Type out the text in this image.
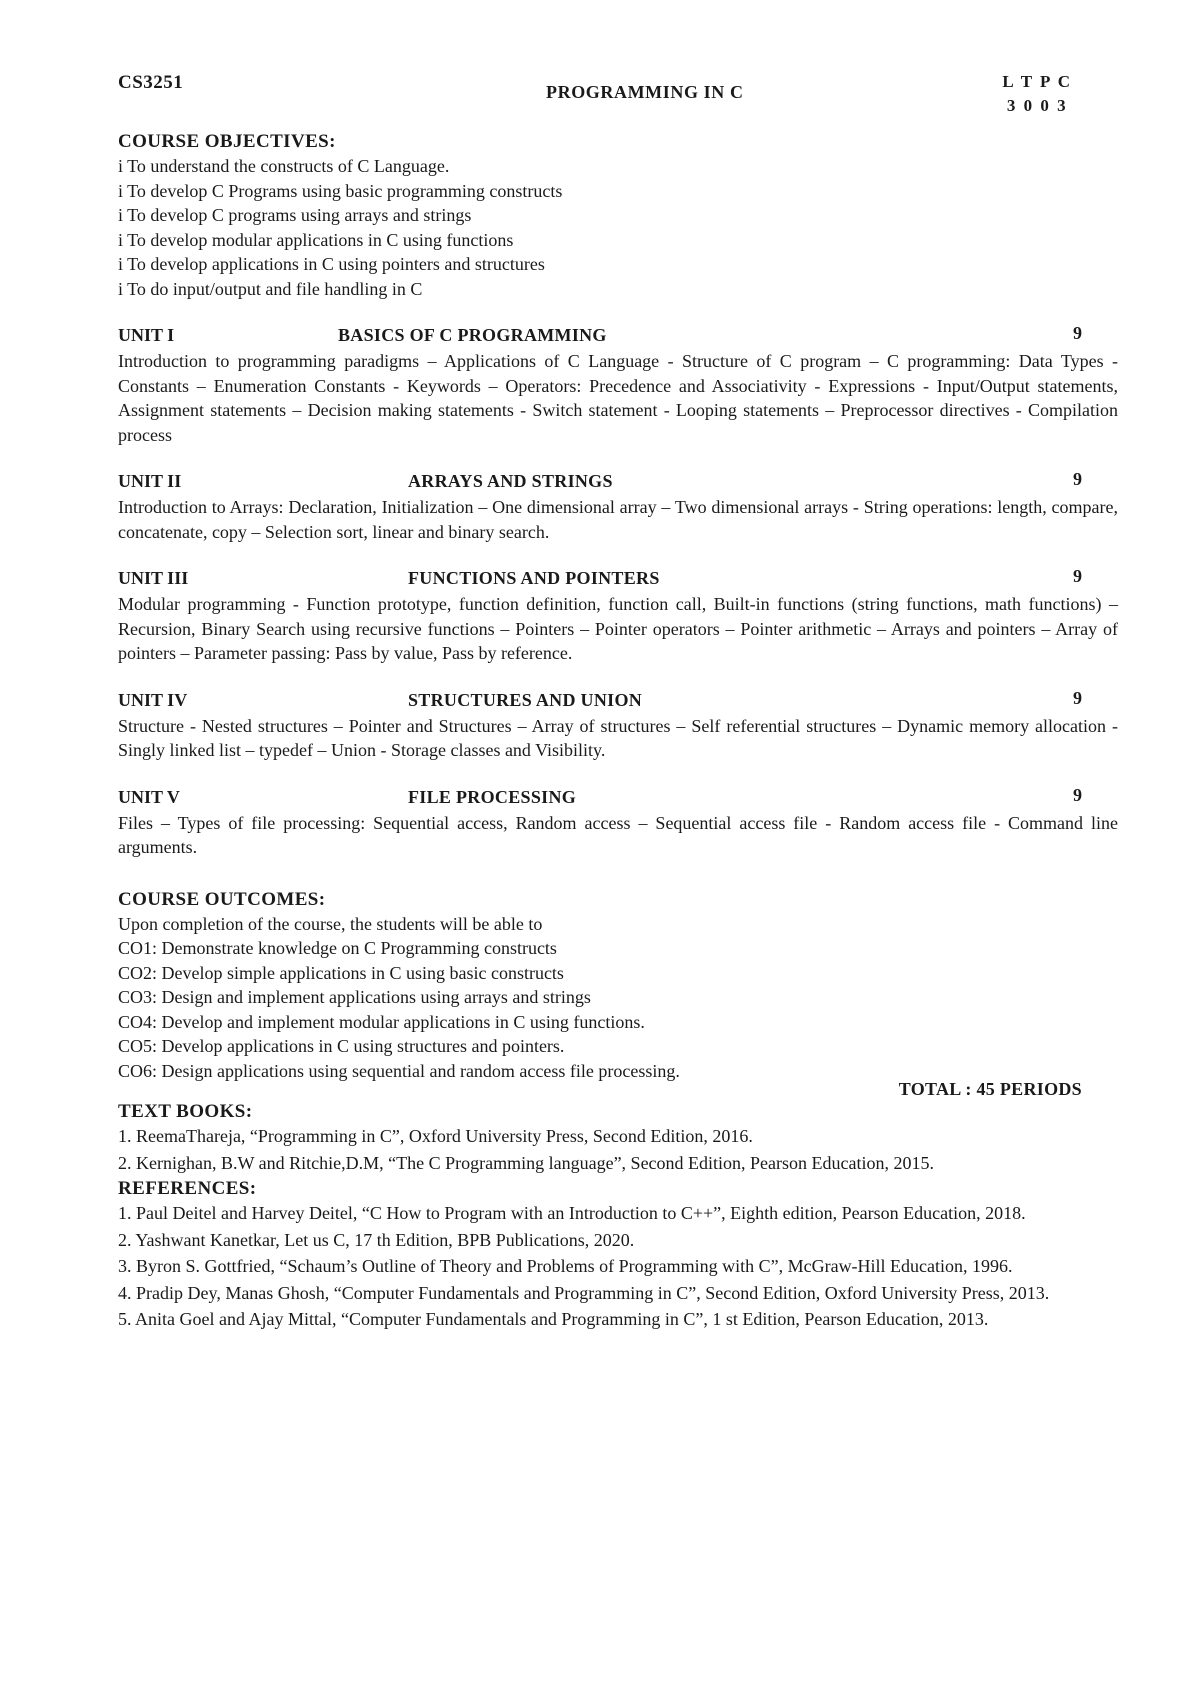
CS3251	PROGRAMMING IN C
L T P C
3 0 0 3

COURSE OBJECTIVES:

i To understand the constructs of C Language.

i To develop C Programs using basic programming constructs

i To develop C programs using arrays and strings

i To develop modular applications in C using functions

i To develop applications in C using pointers and structures

i To do input/output and file handling in C

UNIT I	BASICS OF C PROGRAMMING	9

Introduction to programming paradigms – Applications of C Language - Structure of C program – C programming: Data Types - Constants – Enumeration Constants - Keywords – Operators: Precedence and Associativity - Expressions - Input/Output statements, Assignment statements – Decision making statements - Switch statement - Looping statements – Preprocessor directives - Compilation process

UNIT II	ARRAYS AND STRINGS	9

Introduction to Arrays: Declaration, Initialization – One dimensional array – Two dimensional arrays - String operations: length, compare, concatenate, copy – Selection sort, linear and binary search.

UNIT III	FUNCTIONS AND POINTERS	9

Modular programming - Function prototype, function definition, function call, Built-in functions (string functions, math functions) – Recursion, Binary Search using recursive functions – Pointers – Pointer operators – Pointer arithmetic – Arrays and pointers – Array of pointers – Parameter passing: Pass by value, Pass by reference.

UNIT IV	STRUCTURES AND UNION	9

Structure - Nested structures – Pointer and Structures – Array of structures – Self referential structures – Dynamic memory allocation - Singly linked list – typedef – Union - Storage classes and Visibility.

UNIT V	FILE PROCESSING	9

Files – Types of file processing: Sequential access, Random access – Sequential access file - Random access file - Command line arguments.

COURSE OUTCOMES:

Upon completion of the course, the students will be able to

CO1: Demonstrate knowledge on C Programming constructs

CO2: Develop simple applications in C using basic constructs

CO3: Design and implement applications using arrays and strings

CO4: Develop and implement modular applications in C using functions.

CO5: Develop applications in C using structures and pointers.

CO6: Design applications using sequential and random access file processing.

TOTAL : 45 PERIODS

TEXT BOOKS:

1. ReemaThareja, “Programming in C”, Oxford University Press, Second Edition, 2016.

2. Kernighan, B.W and Ritchie,D.M, “The C Programming language”, Second Edition, Pearson Education, 2015.

REFERENCES:

1. Paul Deitel and Harvey Deitel, “C How to Program with an Introduction to C++”, Eighth edition, Pearson Education, 2018.

2. Yashwant Kanetkar, Let us C, 17 th Edition, BPB Publications, 2020.

3. Byron S. Gottfried, “Schaum’s Outline of Theory and Problems of Programming with C”, McGraw-Hill Education, 1996.

4. Pradip Dey, Manas Ghosh, “Computer Fundamentals and Programming in C”, Second Edition, Oxford University Press, 2013.

5. Anita Goel and Ajay Mittal, “Computer Fundamentals and Programming in C”, 1 st Edition, Pearson Education, 2013.
